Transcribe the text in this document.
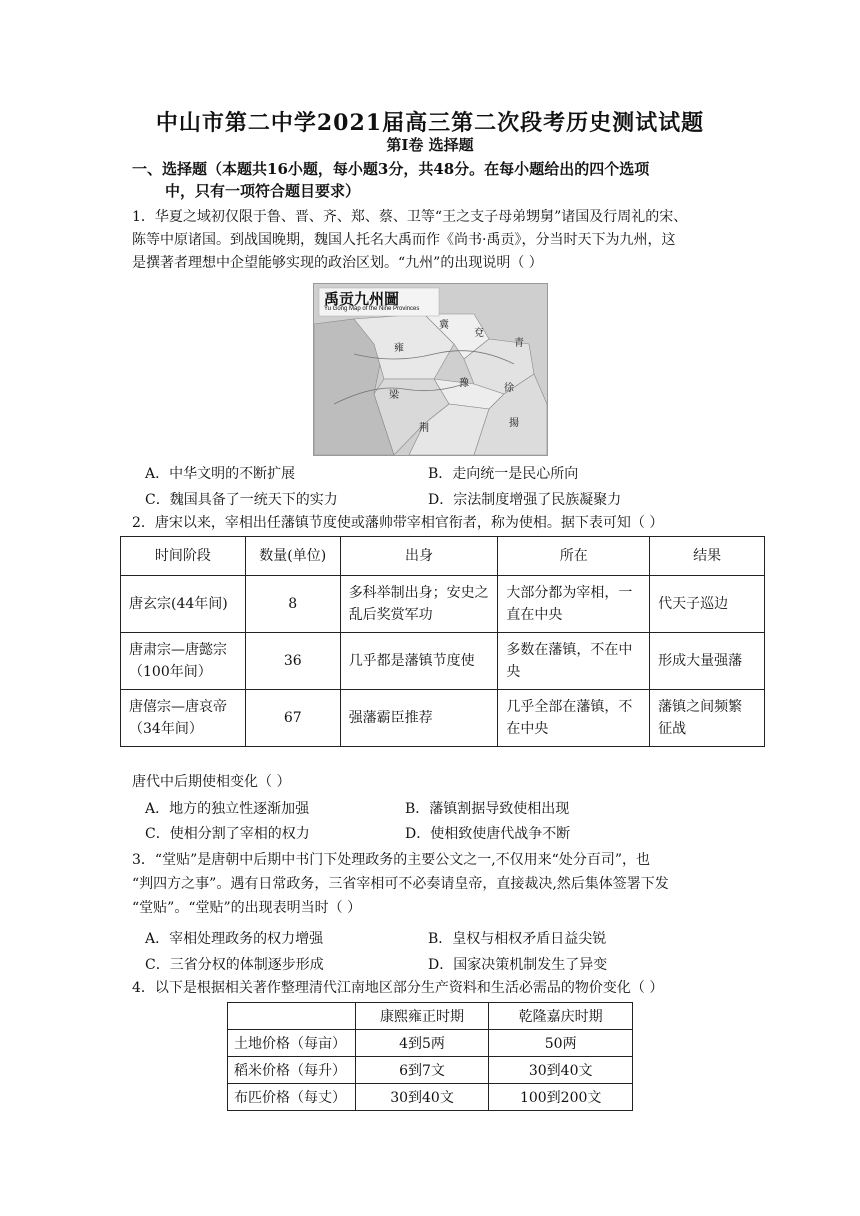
中山市第二中学2021届高三第二次段考历史测试试题
第Ⅰ卷 选择题
一、选择题（本题共16小题，每小题3分，共48分。在每小题给出的四个选项
中，只有一项符合题目要求）
1．华夏之域初仅限于鲁、晋、齐、郑、蔡、卫等“王之支子母弟甥舅”诸国及行周礼的宋、
陈等中原诸国。到战国晚期，魏国人托名大禹而作《尚书·禹贡》，分当时天下为九州，这
是撰著者理想中企望能够实现的政治区划。“九州”的出现说明（ ）
禹贡九州圖
Yu Gong Map of the Nine Provinces
冀
兗
青
徐
雍
豫
梁
荆	揚
A．中华文明的不断扩展	B．走向统一是民心所向
C．魏国具备了一统天下的实力	D．宗法制度增强了民族凝聚力
2．唐宋以来，宰相出任藩镇节度使或藩帅带宰相官衔者，称为使相。据下表可知（ ）
时间阶段	数量(单位)	出身	所在	结果
唐玄宗(44年间)	8	多科举制出身；安史之乱后奖赏军功	大部分都为宰相，一直在中央	代天子巡边
唐肃宗—唐懿宗（100年间）	36	几乎都是藩镇节度使	多数在藩镇，不在中央	形成大量强藩
唐僖宗—唐哀帝（34年间）	67	强藩霸臣推荐	几乎全部在藩镇，不在中央	藩镇之间频繁征战
唐代中后期使相变化（ ）
A．地方的独立性逐渐加强	B．藩镇割据导致使相出现
C．使相分割了宰相的权力	D．使相致使唐代战争不断
3．“堂贴”是唐朝中后期中书门下处理政务的主要公文之一,不仅用来“处分百司”，也
“判四方之事”。遇有日常政务，三省宰相可不必奏请皇帝，直接裁决,然后集体签署下发
“堂贴”。“堂贴”的出现表明当时（ ）
A．宰相处理政务的权力增强	B．皇权与相权矛盾日益尖锐
C．三省分权的体制逐步形成	D．国家决策机制发生了异变
4．以下是根据相关著作整理清代江南地区部分生产资料和生活必需品的物价变化（ ）
	康熙雍正时期	乾隆嘉庆时期
土地价格（每亩）	4到5两	50两
稻米价格（每升）	6到7文	30到40文
布匹价格（每丈）	30到40文	100到200文
